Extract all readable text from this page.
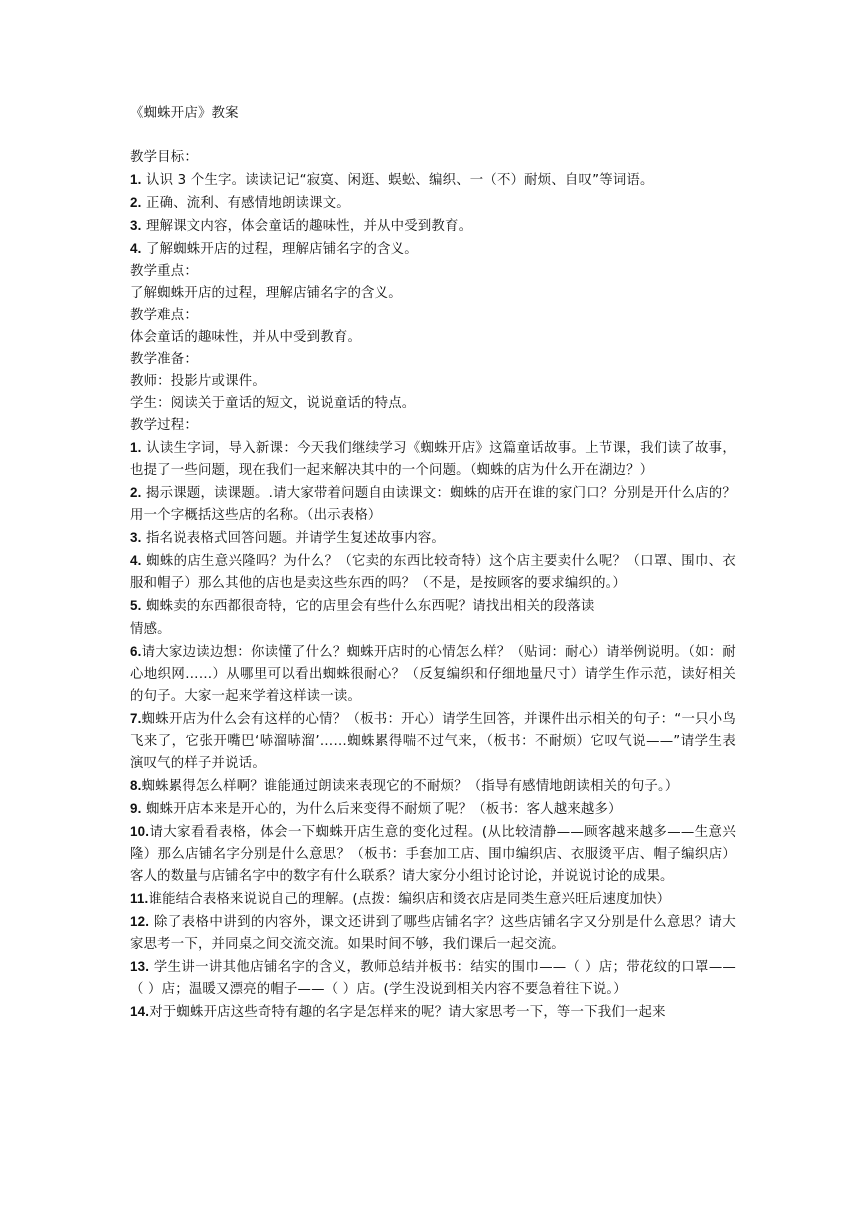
《蜘蛛开店》教案

教学目标：

1. 认识 3 个生字。读读记记“寂寞、闲逛、蜈蚣、编织、一（不）耐烦、自叹”等词语。

2. 正确、流利、有感情地朗读课文。

3. 理解课文内容，体会童话的趣味性，并从中受到教育。

4. 了解蜘蛛开店的过程，理解店铺名字的含义。

教学重点：

了解蜘蛛开店的过程，理解店铺名字的含义。

教学难点：

体会童话的趣味性，并从中受到教育。

教学准备：

教师：投影片或课件。

学生：阅读关于童话的短文，说说童话的特点。

教学过程：

1. 认读生字词，导入新课：今天我们继续学习《蜘蛛开店》这篇童话故事。上节课，我们读了故事，也提了一些问题，现在我们一起来解决其中的一个问题。（蜘蛛的店为什么开在湖边？）

2. 揭示课题，读课题。.请大家带着问题自由读课文：蜘蛛的店开在谁的家门口？分别是开什么店的？用一个字概括这些店的名称。（出示表格）

3. 指名说表格式回答问题。并请学生复述故事内容。

4. 蜘蛛的店生意兴隆吗？为什么？（它卖的东西比较奇特）这个店主要卖什么呢？（口罩、围巾、衣服和帽子）那么其他的店也是卖这些东西的吗？（不是，是按顾客的要求编织的。）

5. 蜘蛛卖的东西都很奇特，它的店里会有些什么东西呢？请找出相关的段落读

情感。

6.请大家边读边想：你读懂了什么？蜘蛛开店时的心情怎么样？（贴词：耐心）请举例说明。（如：耐心地织网……）从哪里可以看出蜘蛛很耐心？（反复编织和仔细地量尺寸）请学生作示范，读好相关的句子。大家一起来学着这样读一读。

7.蜘蛛开店为什么会有这样的心情？（板书：开心）请学生回答，并课件出示相关的句子：“一只小鸟飞来了，它张开嘴巴‘哧溜哧溜’……蜘蛛累得喘不过气来，（板书：不耐烦）它叹气说——”请学生表演叹气的样子并说话。

8.蜘蛛累得怎么样啊？谁能通过朗读来表现它的不耐烦？（指导有感情地朗读相关的句子。）

9. 蜘蛛开店本来是开心的，为什么后来变得不耐烦了呢？（板书：客人越来越多）

10.请大家看看表格，体会一下蜘蛛开店生意的变化过程。(从比较清静——顾客越来越多——生意兴隆）那么店铺名字分别是什么意思？（板书：手套加工店、围巾编织店、衣服烫平店、帽子编织店）客人的数量与店铺名字中的数字有什么联系？请大家分小组讨论讨论，并说说讨论的成果。

11.谁能结合表格来说说自己的理解。(点拨：编织店和烫衣店是同类生意兴旺后速度加快）

12. 除了表格中讲到的内容外，课文还讲到了哪些店铺名字？这些店铺名字又分别是什么意思？请大家思考一下，并同桌之间交流交流。如果时间不够，我们课后一起交流。

13. 学生讲一讲其他店铺名字的含义，教师总结并板书：结实的围巾——（ ）店；带花纹的口罩——（ ）店；温暖又漂亮的帽子——（ ）店。(学生没说到相关内容不要急着往下说。）

14.对于蜘蛛开店这些奇特有趣的名字是怎样来的呢？请大家思考一下，等一下我们一起来
